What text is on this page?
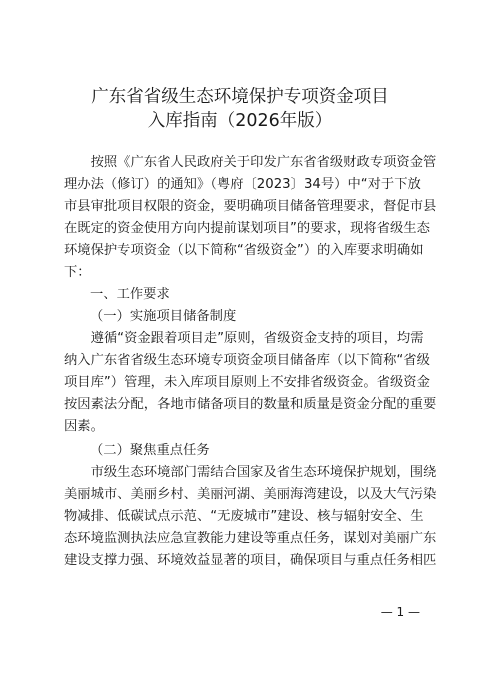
广东省省级生态环境保护专项资金项目
入库指南（2026年版）
　　按照《广东省人民政府关于印发广东省省级财政专项资金管
理办法（修订）的通知》（粤府〔2023〕34号）中“对于下放
市县审批项目权限的资金，要明确项目储备管理要求，督促市县
在既定的资金使用方向内提前谋划项目”的要求，现将省级生态
环境保护专项资金（以下简称“省级资金”）的入库要求明确如
下：
一、工作要求
（一）实施项目储备制度
　　遵循“资金跟着项目走”原则，省级资金支持的项目，均需
纳入广东省省级生态环境专项资金项目储备库（以下简称“省级
项目库”）管理，未入库项目原则上不安排省级资金。省级资金
按因素法分配，各地市储备项目的数量和质量是资金分配的重要
因素。
（二）聚焦重点任务
　　市级生态环境部门需结合国家及省生态环境保护规划，围绕
美丽城市、美丽乡村、美丽河湖、美丽海湾建设，以及大气污染
物减排、低碳试点示范、“无废城市”建设、核与辐射安全、生
态环境监测执法应急宣教能力建设等重点任务，谋划对美丽广东
建设支撑力强、环境效益显著的项目，确保项目与重点任务相匹
— 1 —
